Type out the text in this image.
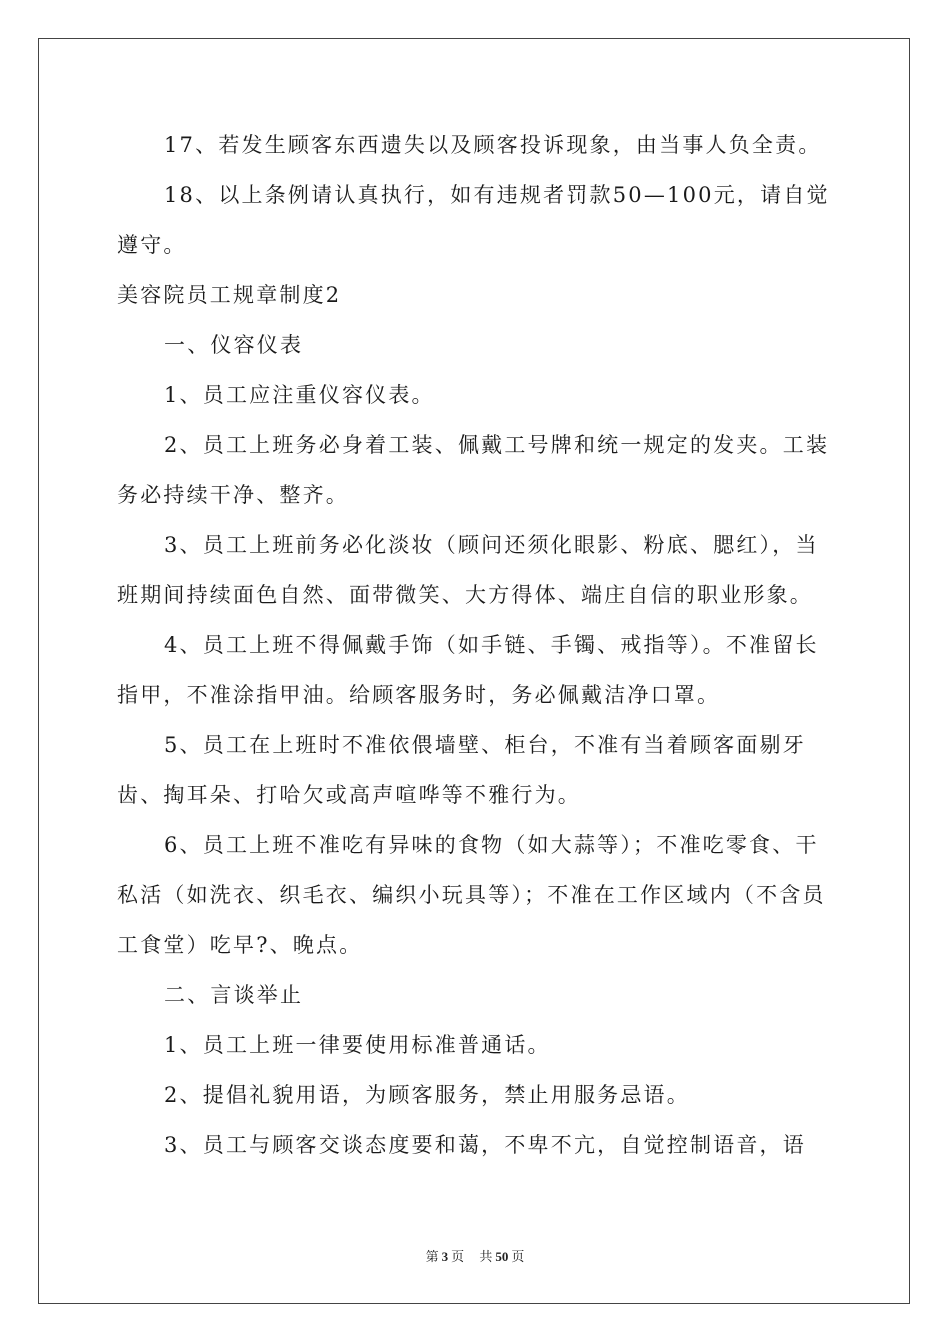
17、若发生顾客东西遗失以及顾客投诉现象，由当事人负全责。

18、以上条例请认真执行，如有违规者罚款50—100元，请自觉遵守。

美容院员工规章制度2

一、仪容仪表

1、员工应注重仪容仪表。

2、员工上班务必身着工装、佩戴工号牌和统一规定的发夹。工装务必持续干净、整齐。

3、员工上班前务必化淡妆（顾问还须化眼影、粉底、腮红），当班期间持续面色自然、面带微笑、大方得体、端庄自信的职业形象。

4、员工上班不得佩戴手饰（如手链、手镯、戒指等）。不准留长指甲，不准涂指甲油。给顾客服务时，务必佩戴洁净口罩。

5、员工在上班时不准依偎墙壁、柜台，不准有当着顾客面剔牙齿、掏耳朵、打哈欠或高声喧哗等不雅行为。

6、员工上班不准吃有异味的食物（如大蒜等）；不准吃零食、干私活（如洗衣、织毛衣、编织小玩具等）；不准在工作区域内（不含员工食堂）吃早?、晚点。

二、言谈举止

1、员工上班一律要使用标准普通话。

2、提倡礼貌用语，为顾客服务，禁止用服务忌语。

3、员工与顾客交谈态度要和蔼，不卑不亢，自觉控制语音，语

第 3 页 共 50 页
